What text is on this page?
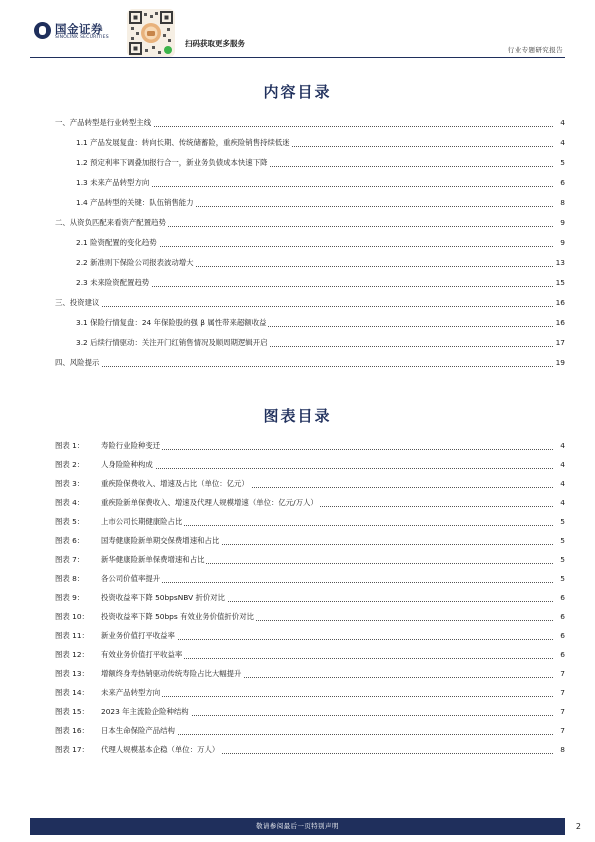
国金证券
SINOLINK SECURITIES
扫码获取更多服务
行业专题研究报告
内容目录
一、产品转型是行业转型主线	4
1.1 产品发展复盘：转向长期、传统储蓄险，重疾险销售持续低迷	4
1.2 预定利率下调叠加报行合一，新业务负债成本快速下降	5
1.3 未来产品转型方向	6
1.4 产品转型的关键：队伍销售能力	8
二、从资负匹配来看资产配置趋势	9
2.1 险资配置的变化趋势	9
2.2 新准则下保险公司报表波动增大	13
2.3 未来险资配置趋势	15
三、投资建议	16
3.1 保险行情复盘：24 年保险股的强 β 属性带来超额收益	16
3.2 后续行情驱动：关注开门红销售情况及顺周期逻辑开启	17
四、风险提示	19
图表目录
图表 1： 寿险行业险种变迁	4
图表 2： 人身险险种构成	4
图表 3： 重疾险保费收入、增速及占比（单位：亿元）	4
图表 4： 重疾险新单保费收入、增速及代理人规模增速（单位：亿元/万人）	4
图表 5： 上市公司长期健康险占比	5
图表 6： 国寿健康险新单期交保费增速和占比	5
图表 7： 新华健康险新单保费增速和占比	5
图表 8： 各公司价值率提升	5
图表 9： 投资收益率下降 50bpsNBV 折价对比	6
图表 10： 投资收益率下降 50bps 有效业务价值折价对比	6
图表 11： 新业务价值打平收益率	6
图表 12： 有效业务价值打平收益率	6
图表 13： 增额终身寿热销驱动传统寿险占比大幅提升	7
图表 14： 未来产品转型方向	7
图表 15： 2023 年主流险企险种结构	7
图表 16： 日本生命保险产品结构	7
图表 17： 代理人规模基本企稳（单位：万人）	8
敬请参阅最后一页特别声明	2
